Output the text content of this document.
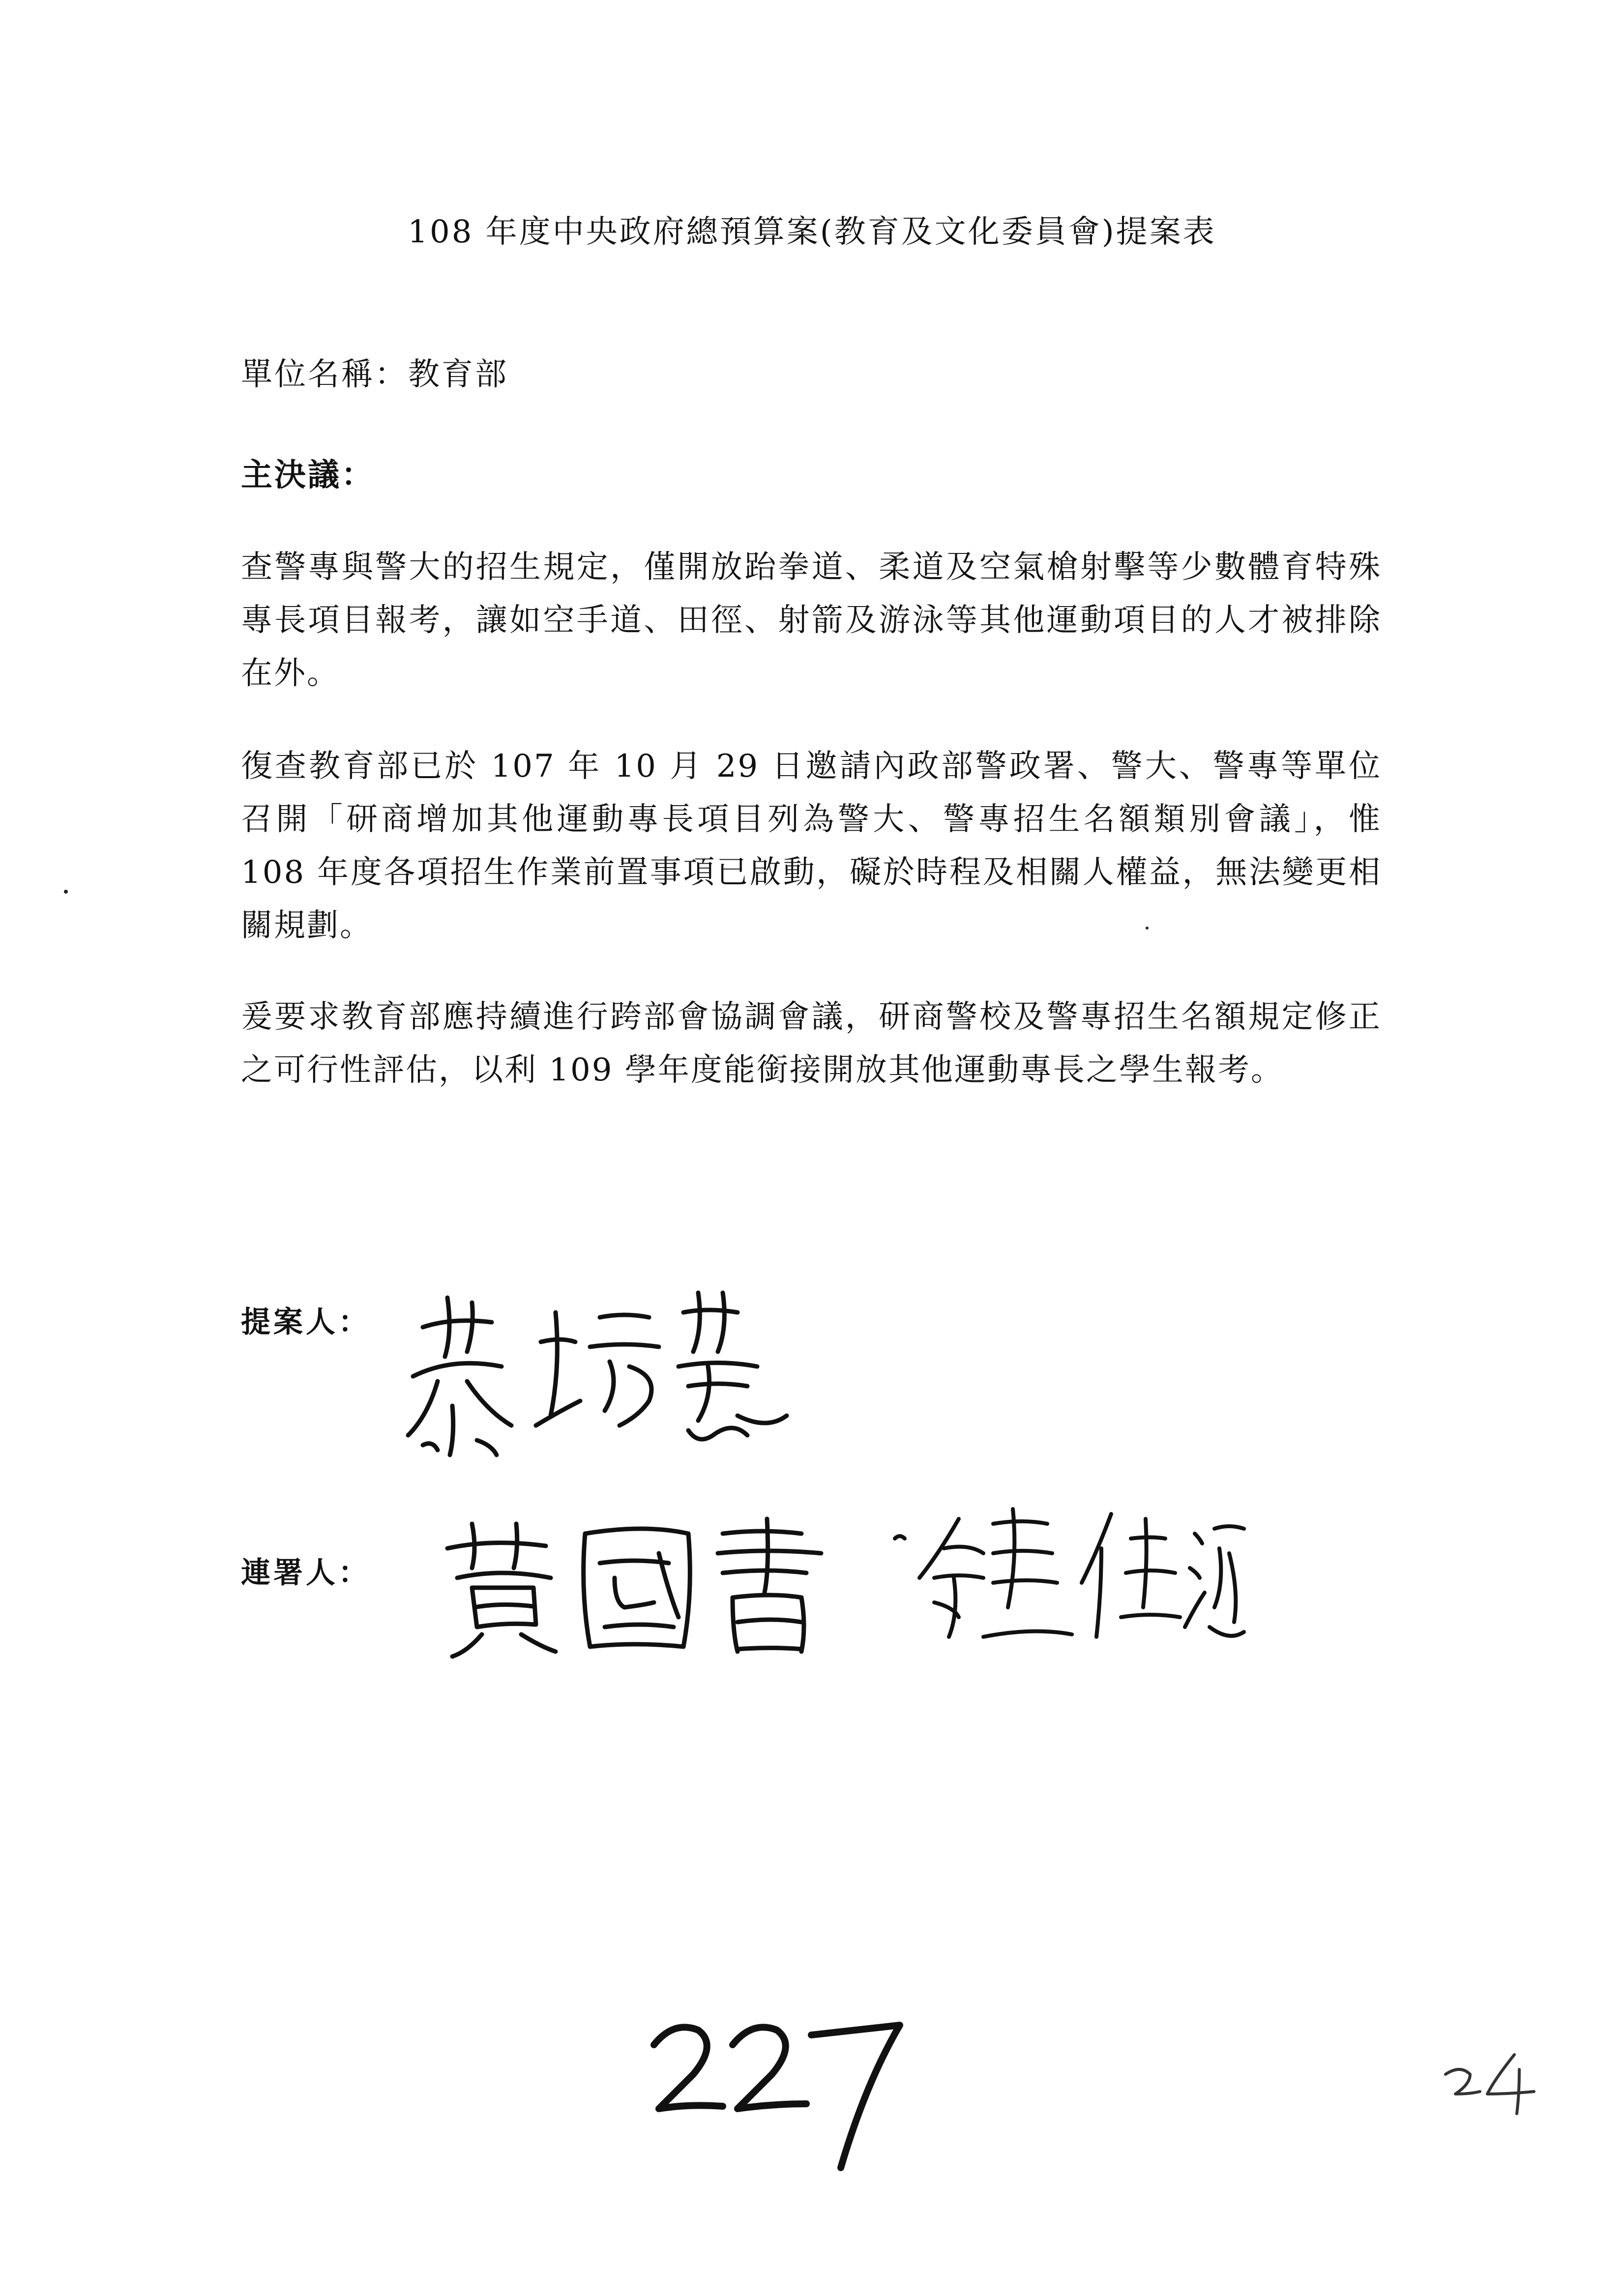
108 年度中央政府總預算案(教育及文化委員會)提案表
單位名稱：教育部
主決議：
查警專與警大的招生規定，僅開放跆拳道、柔道及空氣槍射擊等少數體育特殊專長項目報考，讓如空手道、田徑、射箭及游泳等其他運動項目的人才被排除在外。
復查教育部已於 107 年 10 月 29 日邀請內政部警政署、警大、警專等單位召開「研商增加其他運動專長項目列為警大、警專招生名額類別會議」，惟 108 年度各項招生作業前置事項已啟動，礙於時程及相關人權益，無法變更相關規劃。
爰要求教育部應持續進行跨部會協調會議，研商警校及警專招生名額規定修正之可行性評估，以利 109 學年度能銜接開放其他運動專長之學生報考。
提案人：
連署人：
